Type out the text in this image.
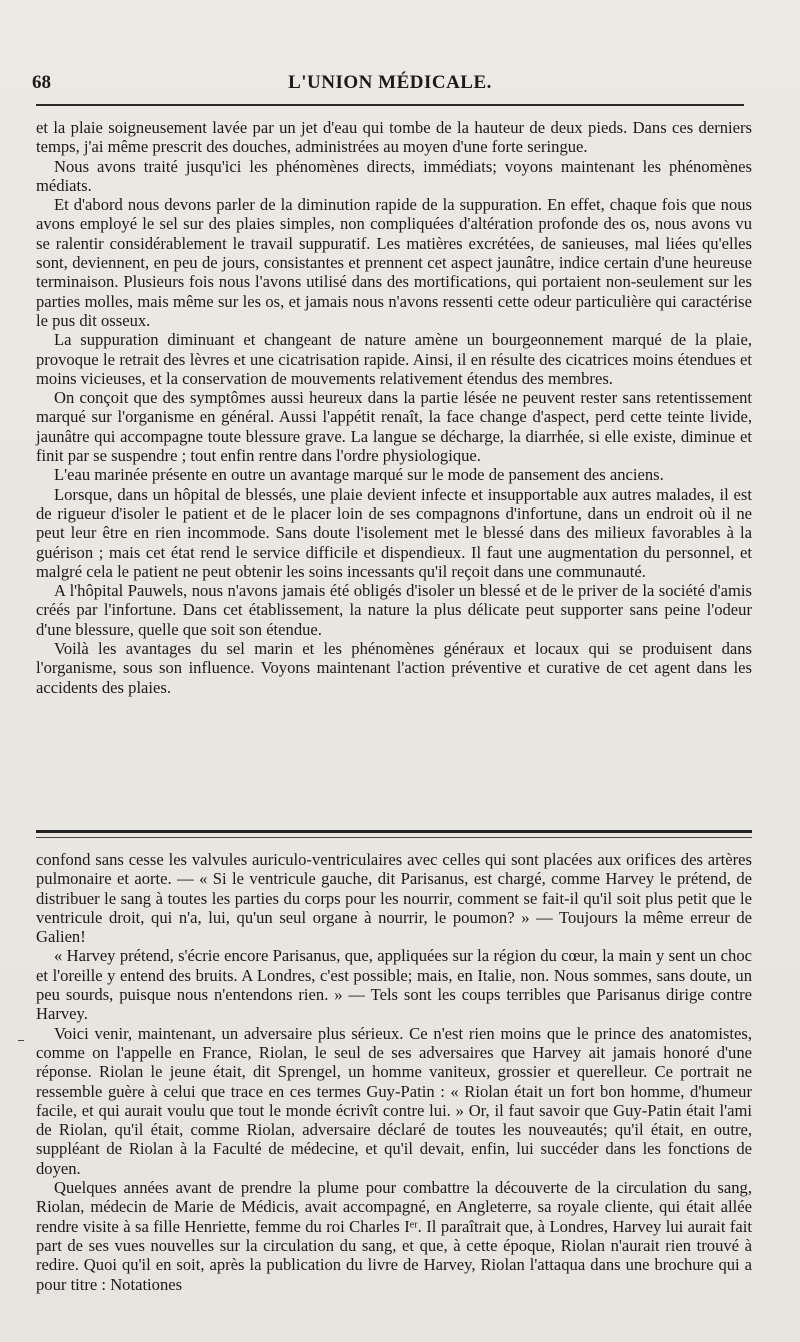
68	L'UNION MÉDICALE.

et la plaie soigneusement lavée par un jet d'eau qui tombe de la hauteur de deux pieds. Dans ces derniers temps, j'ai même prescrit des douches, administrées au moyen d'une forte seringue.

Nous avons traité jusqu'ici les phénomènes directs, immédiats; voyons maintenant les phénomènes médiats.

Et d'abord nous devons parler de la diminution rapide de la suppuration. En effet, chaque fois que nous avons employé le sel sur des plaies simples, non compliquées d'altération profonde des os, nous avons vu se ralentir considérablement le travail suppuratif. Les matières excrétées, de sanieuses, mal liées qu'elles sont, deviennent, en peu de jours, consistantes et prennent cet aspect jaunâtre, indice certain d'une heureuse terminaison. Plusieurs fois nous l'avons utilisé dans des mortifications, qui portaient non-seulement sur les parties molles, mais même sur les os, et jamais nous n'avons ressenti cette odeur particulière qui caractérise le pus dit osseux.

La suppuration diminuant et changeant de nature amène un bourgeonnement marqué de la plaie, provoque le retrait des lèvres et une cicatrisation rapide. Ainsi, il en résulte des cicatrices moins étendues et moins vicieuses, et la conservation de mouvements relativement étendus des membres.

On conçoit que des symptômes aussi heureux dans la partie lésée ne peuvent rester sans retentissement marqué sur l'organisme en général. Aussi l'appétit renaît, la face change d'aspect, perd cette teinte livide, jaunâtre qui accompagne toute blessure grave. La langue se décharge, la diarrhée, si elle existe, diminue et finit par se suspendre ; tout enfin rentre dans l'ordre physiologique.

L'eau marinée présente en outre un avantage marqué sur le mode de pansement des anciens.

Lorsque, dans un hôpital de blessés, une plaie devient infecte et insupportable aux autres malades, il est de rigueur d'isoler le patient et de le placer loin de ses compagnons d'infortune, dans un endroit où il ne peut leur être en rien incommode. Sans doute l'isolement met le blessé dans des milieux favorables à la guérison ; mais cet état rend le service difficile et dispendieux. Il faut une augmentation du personnel, et malgré cela le patient ne peut obtenir les soins incessants qu'il reçoit dans une communauté.

A l'hôpital Pauwels, nous n'avons jamais été obligés d'isoler un blessé et de le priver de la société d'amis créés par l'infortune. Dans cet établissement, la nature la plus délicate peut supporter sans peine l'odeur d'une blessure, quelle que soit son étendue.

Voilà les avantages du sel marin et les phénomènes généraux et locaux qui se produisent dans l'organisme, sous son influence. Voyons maintenant l'action préventive et curative de cet agent dans les accidents des plaies.

confond sans cesse les valvules auriculo-ventriculaires avec celles qui sont placées aux orifices des artères pulmonaire et aorte. — « Si le ventricule gauche, dit Parisanus, est chargé, comme Harvey le prétend, de distribuer le sang à toutes les parties du corps pour les nourrir, comment se fait-il qu'il soit plus petit que le ventricule droit, qui n'a, lui, qu'un seul organe à nourrir, le poumon? » — Toujours la même erreur de Galien!

« Harvey prétend, s'écrie encore Parisanus, que, appliquées sur la région du cœur, la main y sent un choc et l'oreille y entend des bruits. A Londres, c'est possible; mais, en Italie, non. Nous sommes, sans doute, un peu sourds, puisque nous n'entendons rien. » — Tels sont les coups terribles que Parisanus dirige contre Harvey.

Voici venir, maintenant, un adversaire plus sérieux. Ce n'est rien moins que le prince des anatomistes, comme on l'appelle en France, Riolan, le seul de ses adversaires que Harvey ait jamais honoré d'une réponse. Riolan le jeune était, dit Sprengel, un homme vaniteux, grossier et querelleur. Ce portrait ne ressemble guère à celui que trace en ces termes Guy-Patin : « Riolan était un fort bon homme, d'humeur facile, et qui aurait voulu que tout le monde écrivît contre lui. » Or, il faut savoir que Guy-Patin était l'ami de Riolan, qu'il était, comme Riolan, adversaire déclaré de toutes les nouveautés; qu'il était, en outre, suppléant de Riolan à la Faculté de médecine, et qu'il devait, enfin, lui succéder dans les fonctions de doyen.

Quelques années avant de prendre la plume pour combattre la découverte de la circulation du sang, Riolan, médecin de Marie de Médicis, avait accompagné, en Angleterre, sa royale cliente, qui était allée rendre visite à sa fille Henriette, femme du roi Charles Iᵉʳ. Il paraîtrait que, à Londres, Harvey lui aurait fait part de ses vues nouvelles sur la circulation du sang, et que, à cette époque, Riolan n'aurait rien trouvé à redire. Quoi qu'il en soit, après la publication du livre de Harvey, Riolan l'attaqua dans une brochure qui a pour titre : Notationes
